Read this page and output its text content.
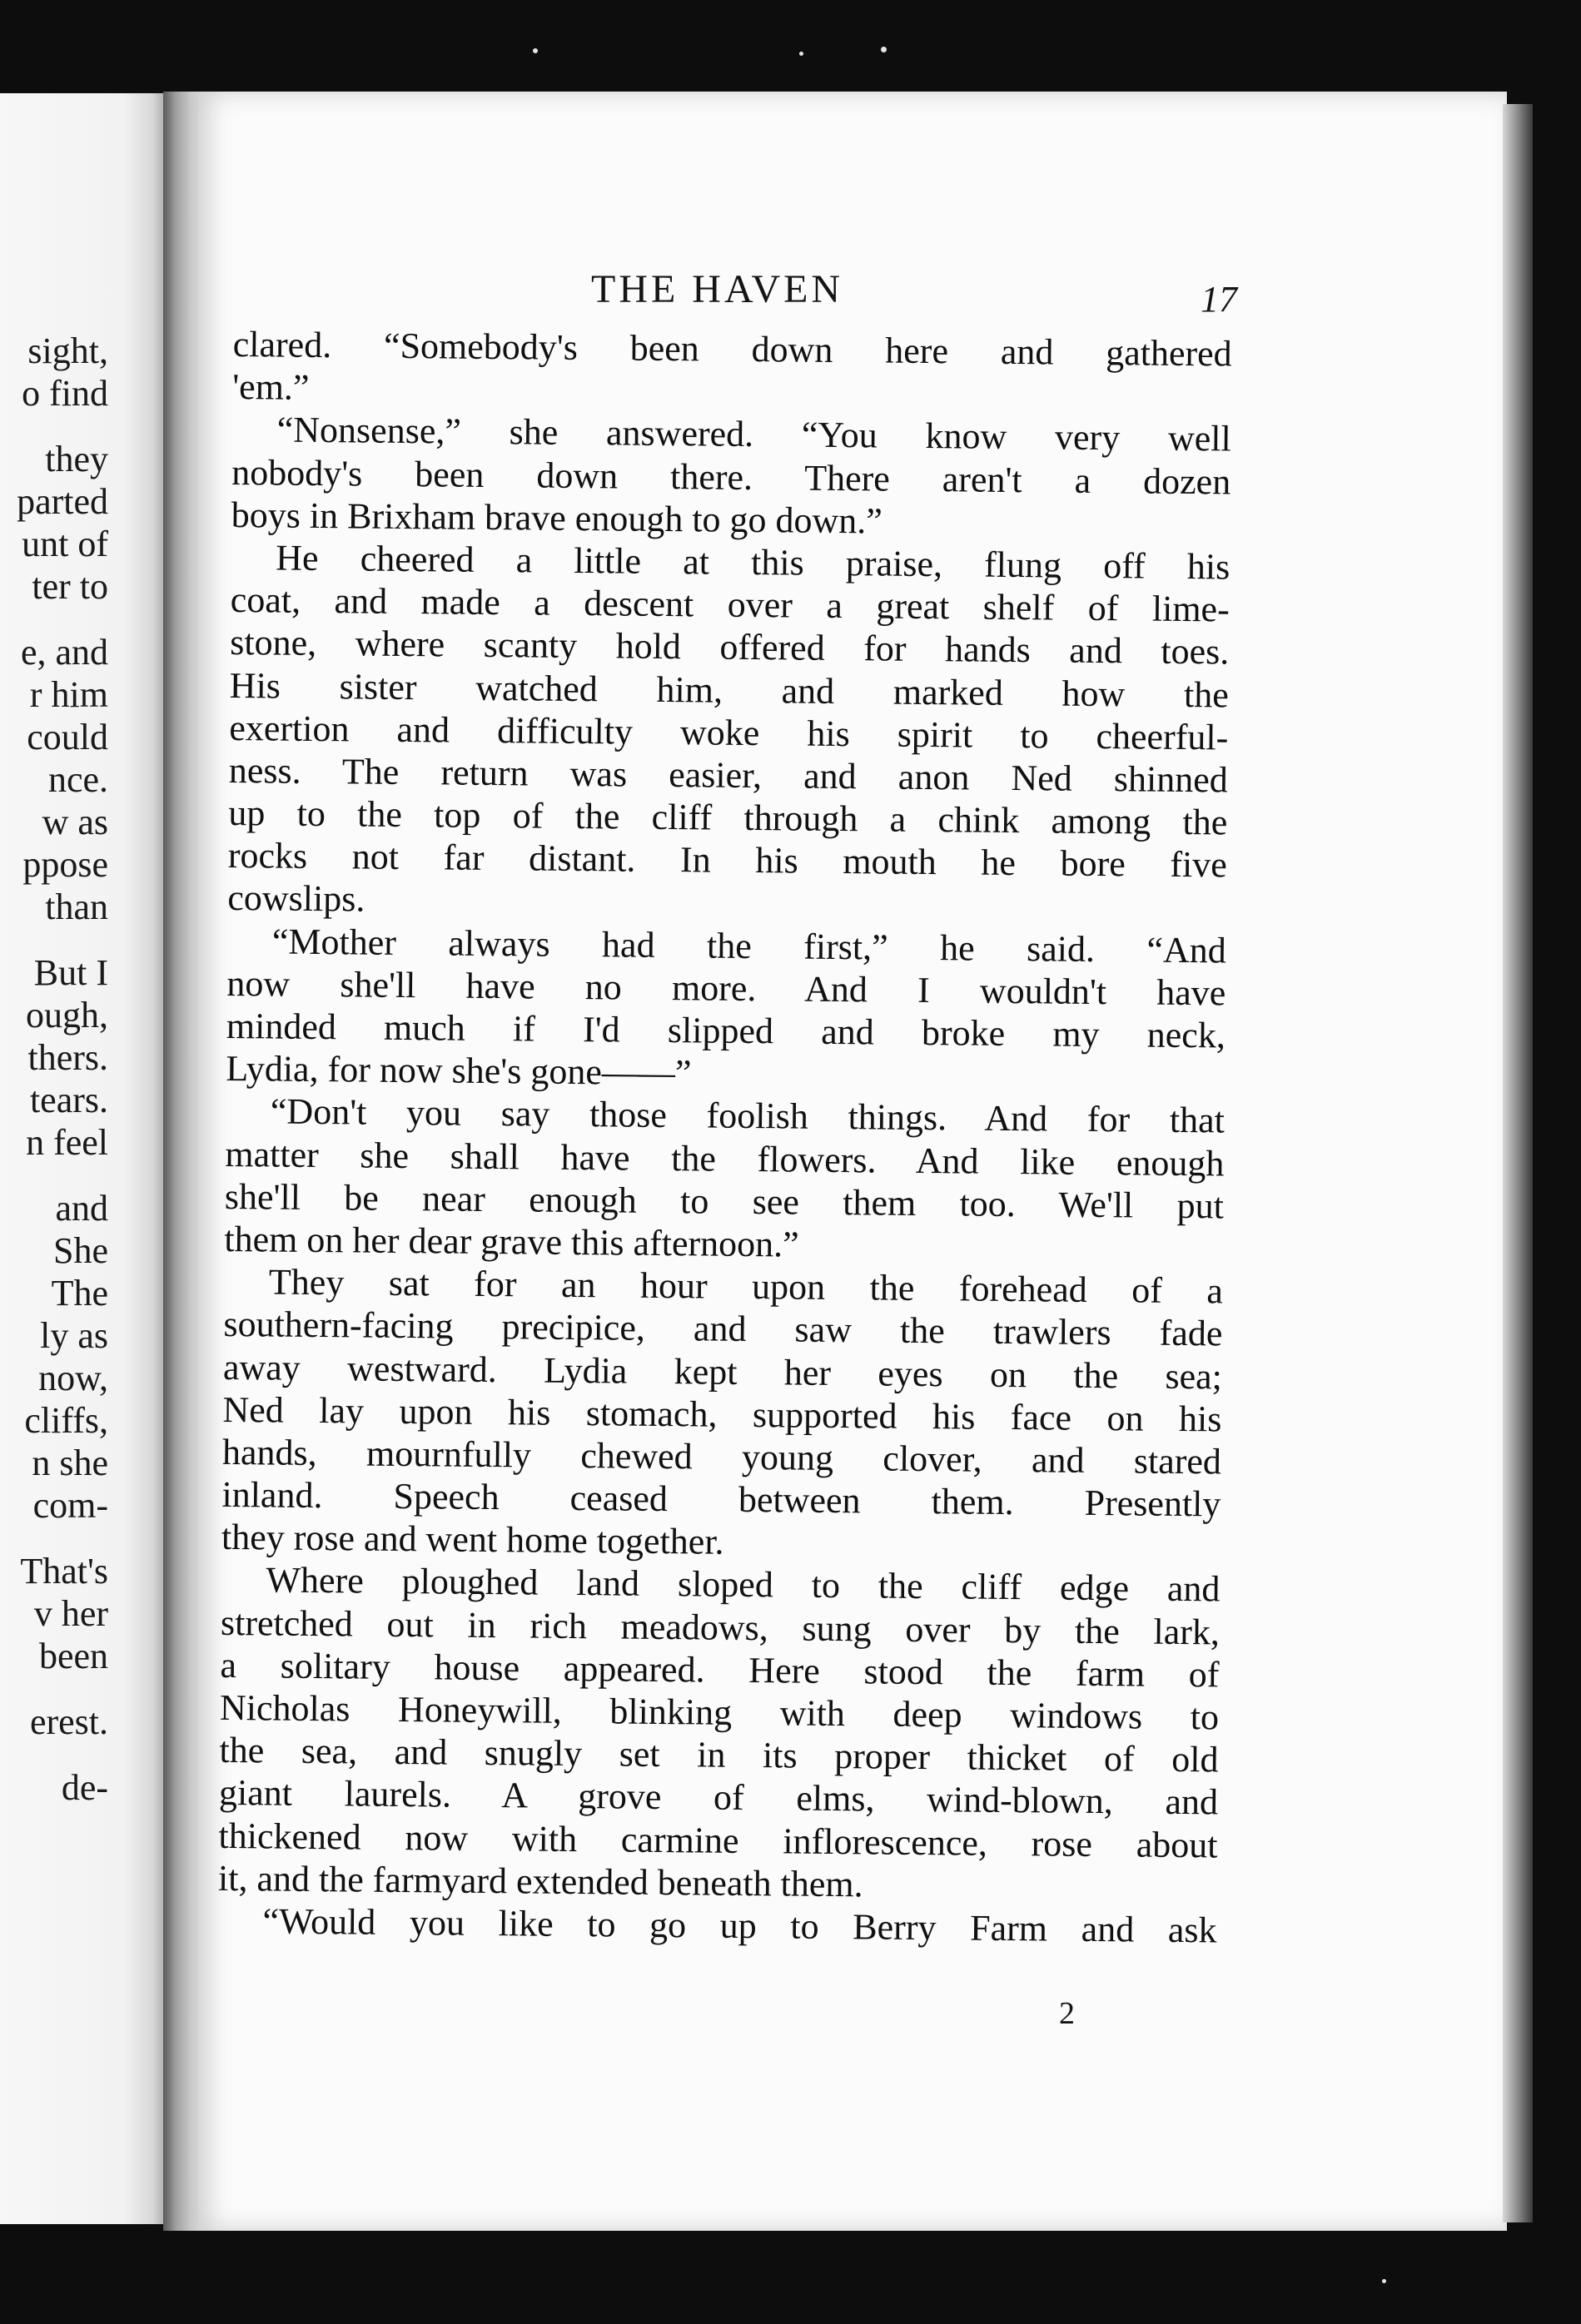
sight,
o find
they
parted
unt of
ter to
e, and
r him
could
nce.
w as
ppose
than
But I
ough,
thers.
tears.
n feel
and
She
The
ly as
now,
cliffs,
n she
com-
That's
v her
been
erest.
de-
THE HAVEN	17
clared. “Somebody's been down here and gathered
'em.”
“Nonsense,” she answered. “You know very well
nobody's been down there. There aren't a dozen
boys in Brixham brave enough to go down.”
He cheered a little at this praise, flung off his
coat, and made a descent over a great shelf of lime-
stone, where scanty hold offered for hands and toes.
His sister watched him, and marked how the
exertion and difficulty woke his spirit to cheerful-
ness. The return was easier, and anon Ned shinned
up to the top of the cliff through a chink among the
rocks not far distant. In his mouth he bore five
cowslips.
“Mother always had the first,” he said. “And
now she'll have no more. And I wouldn't have
minded much if I'd slipped and broke my neck,
Lydia, for now she's gone——”
“Don't you say those foolish things. And for that
matter she shall have the flowers. And like enough
she'll be near enough to see them too. We'll put
them on her dear grave this afternoon.”
They sat for an hour upon the forehead of a
southern-facing precipice, and saw the trawlers fade
away westward. Lydia kept her eyes on the sea;
Ned lay upon his stomach, supported his face on his
hands, mournfully chewed young clover, and stared
inland. Speech ceased between them. Presently
they rose and went home together.
Where ploughed land sloped to the cliff edge and
stretched out in rich meadows, sung over by the lark,
a solitary house appeared. Here stood the farm of
Nicholas Honeywill, blinking with deep windows to
the sea, and snugly set in its proper thicket of old
giant laurels. A grove of elms, wind-blown, and
thickened now with carmine inflorescence, rose about
it, and the farmyard extended beneath them.
“Would you like to go up to Berry Farm and ask
2
